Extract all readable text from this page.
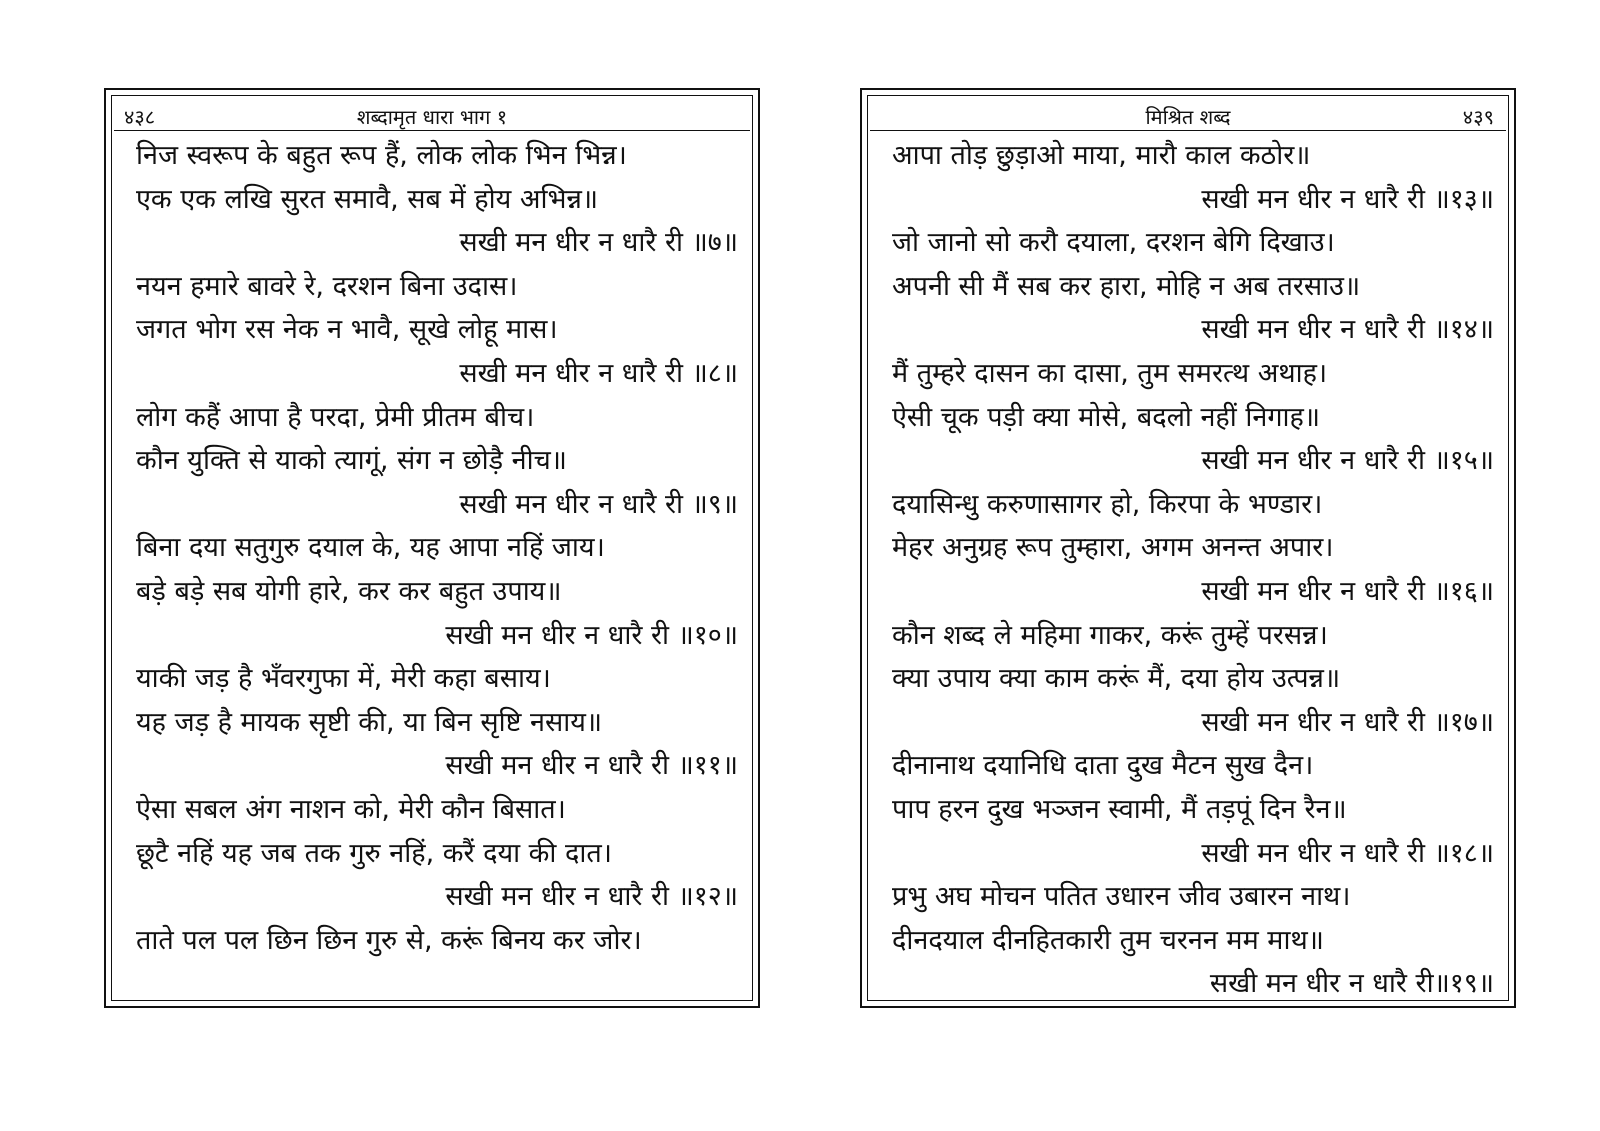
४३८	शब्दामृत धारा भाग १
निज स्वरूप के बहुत रूप हैं, लोक लोक भिन भिन्न।
एक एक लखि सुरत समावै, सब में होय अभिन्न॥
सखी मन धीर न धारै री ॥७॥
नयन हमारे बावरे रे, दरशन बिना उदास।
जगत भोग रस नेक न भावै, सूखे लोहू मास।
सखी मन धीर न धारै री ॥८॥
लोग कहैं आपा है परदा, प्रेमी प्रीतम बीच।
कौन युक्ति से याको त्यागूं, संग न छोड़ै नीच॥
सखी मन धीर न धारै री ॥९॥
बिना दया सतुगुरु दयाल के, यह आपा नहिं जाय।
बड़े बड़े सब योगी हारे, कर कर बहुत उपाय॥
सखी मन धीर न धारै री ॥१०॥
याकी जड़ है भँवरगुफा में, मेरी कहा बसाय।
यह जड़ है मायक सृष्टी की, या बिन सृष्टि नसाय॥
सखी मन धीर न धारै री ॥११॥
ऐसा सबल अंग नाशन को, मेरी कौन बिसात।
छूटै नहिं यह जब तक गुरु नहिं, करैं दया की दात।
सखी मन धीर न धारै री ॥१२॥
ताते पल पल छिन छिन गुरु से, करूं बिनय कर जोर।
मिश्रित शब्द	४३९
आपा तोड़ छुड़ाओ माया, मारौ काल कठोर॥
सखी मन धीर न धारै री ॥१३॥
जो जानो सो करौ दयाला, दरशन बेगि दिखाउ।
अपनी सी मैं सब कर हारा, मोहि न अब तरसाउ॥
सखी मन धीर न धारै री ॥१४॥
मैं तुम्हरे दासन का दासा, तुम समरत्थ अथाह।
ऐसी चूक पड़ी क्या मोसे, बदलो नहीं निगाह॥
सखी मन धीर न धारै री ॥१५॥
दयासिन्धु करुणासागर हो, किरपा के भण्डार।
मेहर अनुग्रह रूप तुम्हारा, अगम अनन्त अपार।
सखी मन धीर न धारै री ॥१६॥
कौन शब्द ले महिमा गाकर, करूं तुम्हें परसन्न।
क्या उपाय क्या काम करूं मैं, दया होय उत्पन्न॥
सखी मन धीर न धारै री ॥१७॥
दीनानाथ दयानिधि दाता दुख मैटन सुख दैन।
पाप हरन दुख भञ्जन स्वामी, मैं तड़पूं दिन रैन॥
सखी मन धीर न धारै री ॥१८॥
प्रभु अघ मोचन पतित उधारन जीव उबारन नाथ।
दीनदयाल दीनहितकारी तुम चरनन मम माथ॥
सखी मन धीर न धारै री॥१९॥
